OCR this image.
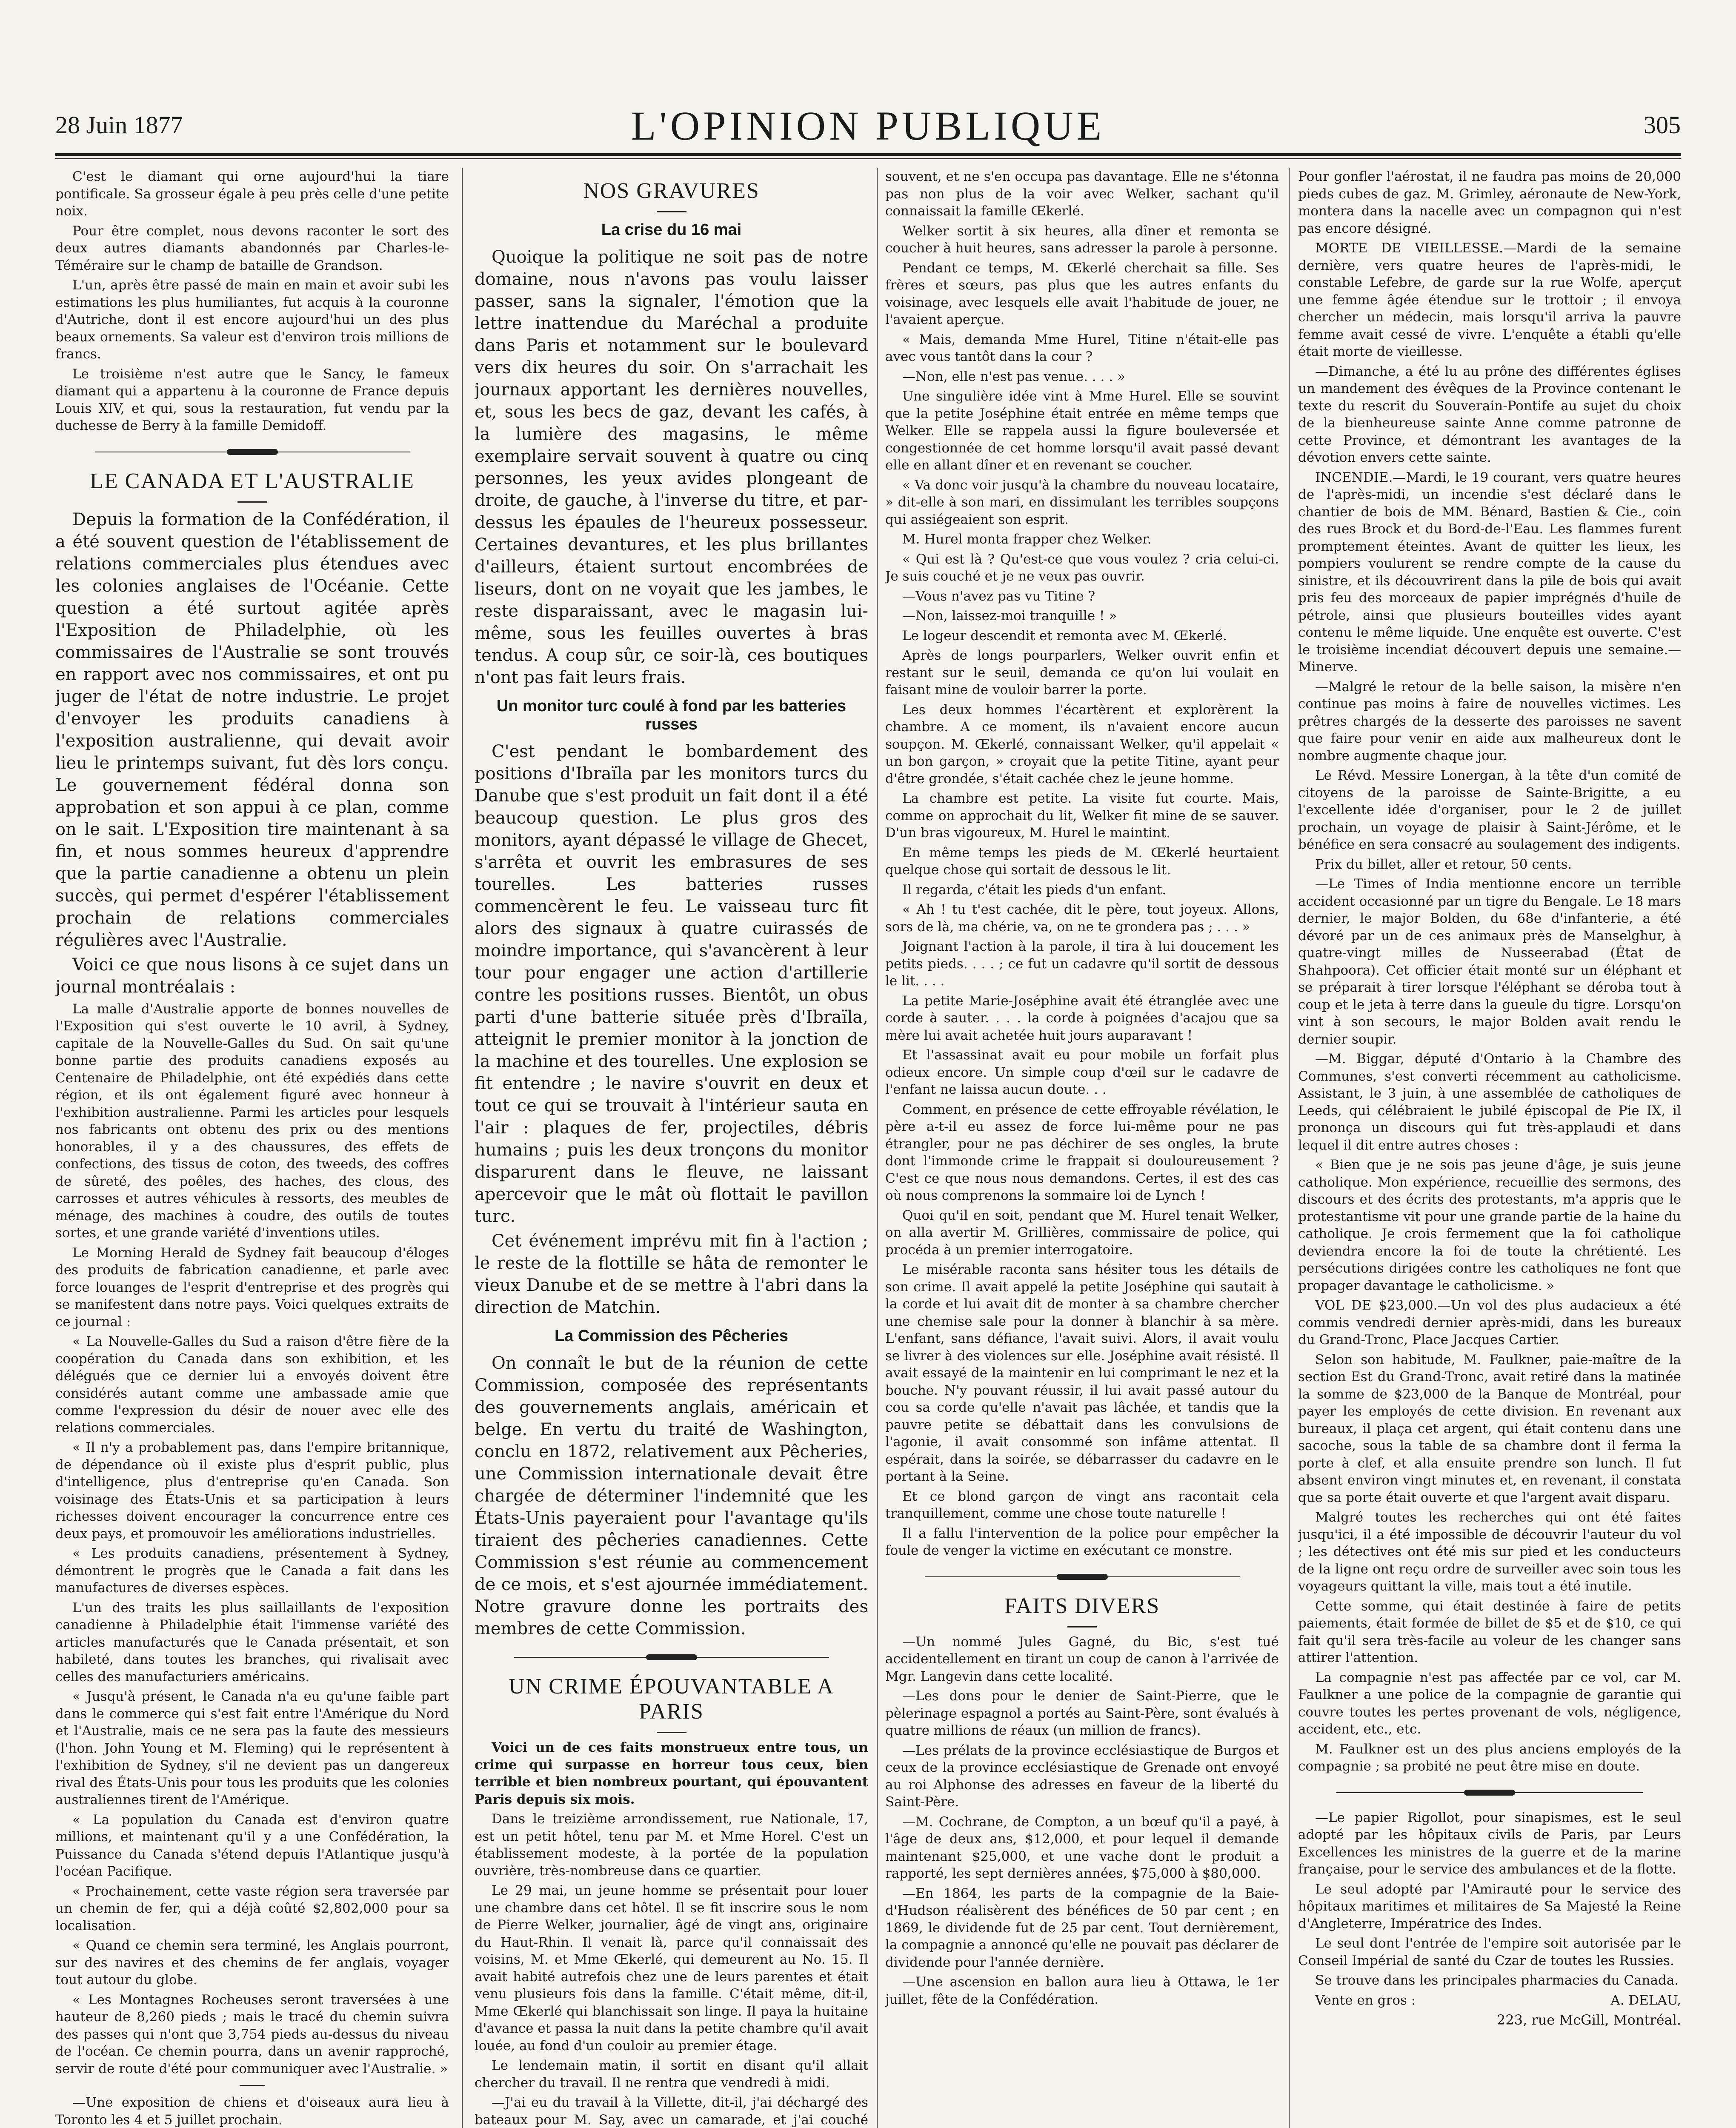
28 Juin 1877	L'OPINION PUBLIQUE	305

C'est le diamant qui orne aujourd'hui la tiare pontificale. Sa grosseur égale à peu près celle d'une petite noix.

Pour être complet, nous devons raconter le sort des deux autres diamants abandonnés par Charles-le-Téméraire sur le champ de bataille de Grandson.

L'un, après être passé de main en main et avoir subi les estimations les plus humiliantes, fut acquis à la couronne d'Autriche, dont il est encore aujourd'hui un des plus beaux ornements. Sa valeur est d'environ trois millions de francs.

Le troisième n'est autre que le Sancy, le fameux diamant qui a appartenu à la couronne de France depuis Louis XIV, et qui, sous la restauration, fut vendu par la duchesse de Berry à la famille Demidoff.

LE CANADA ET L'AUSTRALIE

Depuis la formation de la Confédération, il a été souvent question de l'établissement de relations commerciales plus étendues avec les colonies anglaises de l'Océanie. Cette question a été surtout agitée après l'Exposition de Philadelphie, où les commissaires de l'Australie se sont trouvés en rapport avec nos commissaires, et ont pu juger de l'état de notre industrie. Le projet d'envoyer les produits canadiens à l'exposition australienne, qui devait avoir lieu le printemps suivant, fut dès lors conçu. Le gouvernement fédéral donna son approbation et son appui à ce plan, comme on le sait. L'Exposition tire maintenant à sa fin, et nous sommes heureux d'apprendre que la partie canadienne a obtenu un plein succès, qui permet d'espérer l'établissement prochain de relations commerciales régulières avec l'Australie.

Voici ce que nous lisons à ce sujet dans un journal montréalais :

La malle d'Australie apporte de bonnes nouvelles de l'Exposition qui s'est ouverte le 10 avril, à Sydney, capitale de la Nouvelle-Galles du Sud. On sait qu'une bonne partie des produits canadiens exposés au Centenaire de Philadelphie, ont été expédiés dans cette région, et ils ont également figuré avec honneur à l'exhibition australienne. Parmi les articles pour lesquels nos fabricants ont obtenu des prix ou des mentions honorables, il y a des chaussures, des effets de confections, des tissus de coton, des tweeds, des coffres de sûreté, des poêles, des haches, des clous, des carrosses et autres véhicules à ressorts, des meubles de ménage, des machines à coudre, des outils de toutes sortes, et une grande variété d'inventions utiles.

Le Morning Herald de Sydney fait beaucoup d'éloges des produits de fabrication canadienne, et parle avec force louanges de l'esprit d'entreprise et des progrès qui se manifestent dans notre pays. Voici quelques extraits de ce journal :

« La Nouvelle-Galles du Sud a raison d'être fière de la coopération du Canada dans son exhibition, et les délégués que ce dernier lui a envoyés doivent être considérés autant comme une ambassade amie que comme l'expression du désir de nouer avec elle des relations commerciales.

« Il n'y a probablement pas, dans l'empire britannique, de dépendance où il existe plus d'esprit public, plus d'intelligence, plus d'entreprise qu'en Canada. Son voisinage des États-Unis et sa participation à leurs richesses doivent encourager la concurrence entre ces deux pays, et promouvoir les améliorations industrielles.

« Les produits canadiens, présentement à Sydney, démontrent le progrès que le Canada a fait dans les manufactures de diverses espèces.

L'un des traits les plus saillaillants de l'exposition canadienne à Philadelphie était l'immense variété des articles manufacturés que le Canada présentait, et son habileté, dans toutes les branches, qui rivalisait avec celles des manufacturiers américains.

« Jusqu'à présent, le Canada n'a eu qu'une faible part dans le commerce qui s'est fait entre l'Amérique du Nord et l'Australie, mais ce ne sera pas la faute des messieurs (l'hon. John Young et M. Fleming) qui le représentent à l'exhibition de Sydney, s'il ne devient pas un dangereux rival des États-Unis pour tous les produits que les colonies australiennes tirent de l'Amérique.

« La population du Canada est d'environ quatre millions, et maintenant qu'il y a une Confédération, la Puissance du Canada s'étend depuis l'Atlantique jusqu'à l'océan Pacifique.

« Prochainement, cette vaste région sera traversée par un chemin de fer, qui a déjà coûté $2,802,000 pour sa localisation.

« Quand ce chemin sera terminé, les Anglais pourront, sur des navires et des chemins de fer anglais, voyager tout autour du globe.

« Les Montagnes Rocheuses seront traversées à une hauteur de 8,260 pieds ; mais le tracé du chemin suivra des passes qui n'ont que 3,754 pieds au-dessus du niveau de l'océan. Ce chemin pourra, dans un avenir rapproché, servir de route d'été pour communiquer avec l'Australie. »

—Une exposition de chiens et d'oiseaux aura lieu à Toronto les 4 et 5 juillet prochain.

NOS GRAVURES
La crise du 16 mai

Quoique la politique ne soit pas de notre domaine, nous n'avons pas voulu laisser passer, sans la signaler, l'émotion que la lettre inattendue du Maréchal a produite dans Paris et notamment sur le boulevard vers dix heures du soir. On s'arrachait les journaux apportant les dernières nouvelles, et, sous les becs de gaz, devant les cafés, à la lumière des magasins, le même exemplaire servait souvent à quatre ou cinq personnes, les yeux avides plongeant de droite, de gauche, à l'inverse du titre, et par-dessus les épaules de l'heureux possesseur. Certaines devantures, et les plus brillantes d'ailleurs, étaient surtout encombrées de liseurs, dont on ne voyait que les jambes, le reste disparaissant, avec le magasin lui-même, sous les feuilles ouvertes à bras tendus. A coup sûr, ce soir-là, ces boutiques n'ont pas fait leurs frais.

Un monitor turc coulé à fond par les batteries russes

C'est pendant le bombardement des positions d'Ibraïla par les monitors turcs du Danube que s'est produit un fait dont il a été beaucoup question. Le plus gros des monitors, ayant dépassé le village de Ghecet, s'arrêta et ouvrit les embrasures de ses tourelles. Les batteries russes commencèrent le feu. Le vaisseau turc fit alors des signaux à quatre cuirassés de moindre importance, qui s'avancèrent à leur tour pour engager une action d'artillerie contre les positions russes. Bientôt, un obus parti d'une batterie située près d'Ibraïla, atteignit le premier monitor à la jonction de la machine et des tourelles. Une explosion se fit entendre ; le navire s'ouvrit en deux et tout ce qui se trouvait à l'intérieur sauta en l'air : plaques de fer, projectiles, débris humains ; puis les deux tronçons du monitor disparurent dans le fleuve, ne laissant apercevoir que le mât où flottait le pavillon turc.

Cet événement imprévu mit fin à l'action ; le reste de la flottille se hâta de remonter le vieux Danube et de se mettre à l'abri dans la direction de Matchin.

La Commission des Pêcheries

On connaît le but de la réunion de cette Commission, composée des représentants des gouvernements anglais, américain et belge. En vertu du traité de Washington, conclu en 1872, relativement aux Pêcheries, une Commission internationale devait être chargée de déterminer l'indemnité que les États-Unis payeraient pour l'avantage qu'ils tiraient des pêcheries canadiennes. Cette Commission s'est réunie au commencement de ce mois, et s'est ajournée immédiatement. Notre gravure donne les portraits des membres de cette Commission.

UN CRIME ÉPOUVANTABLE A PARIS

Voici un de ces faits monstrueux entre tous, un crime qui surpasse en horreur tous ceux, bien terrible et bien nombreux pourtant, qui épouvantent Paris depuis six mois.

Dans le treizième arrondissement, rue Nationale, 17, est un petit hôtel, tenu par M. et Mme Horel. C'est un établissement modeste, à la portée de la population ouvrière, très-nombreuse dans ce quartier.

Le 29 mai, un jeune homme se présentait pour louer une chambre dans cet hôtel. Il se fit inscrire sous le nom de Pierre Welker, journalier, âgé de vingt ans, originaire du Haut-Rhin. Il venait là, parce qu'il connaissait des voisins, M. et Mme Œkerlé, qui demeurent au No. 15. Il avait habité autrefois chez une de leurs parentes et était venu plusieurs fois dans la famille. C'était même, dit-il, Mme Œkerlé qui blanchissait son linge. Il paya la huitaine d'avance et passa la nuit dans la petite chambre qu'il avait louée, au fond d'un couloir au premier étage.

Le lendemain matin, il sortit en disant qu'il allait chercher du travail. Il ne rentra que vendredi à midi.

—J'ai eu du travail à la Villette, dit-il, j'ai déchargé des bateaux pour M. Say, avec un camarade, et j'ai couché

souvent, et ne s'en occupa pas davantage. Elle ne s'étonna pas non plus de la voir avec Welker, sachant qu'il connaissait la famille Œkerlé.

Welker sortit à six heures, alla dîner et remonta se coucher à huit heures, sans adresser la parole à personne.

Pendant ce temps, M. Œkerlé cherchait sa fille. Ses frères et sœurs, pas plus que les autres enfants du voisinage, avec lesquels elle avait l'habitude de jouer, ne l'avaient aperçue.

« Mais, demanda Mme Hurel, Titine n'était-elle pas avec vous tantôt dans la cour ?

—Non, elle n'est pas venue. . . . »

Une singulière idée vint à Mme Hurel. Elle se souvint que la petite Joséphine était entrée en même temps que Welker. Elle se rappela aussi la figure bouleversée et congestionnée de cet homme lorsqu'il avait passé devant elle en allant dîner et en revenant se coucher.

« Va donc voir jusqu'à la chambre du nouveau locataire, » dit-elle à son mari, en dissimulant les terribles soupçons qui assiégeaient son esprit.

M. Hurel monta frapper chez Welker.

« Qui est là ? Qu'est-ce que vous voulez ? cria celui-ci. Je suis couché et je ne veux pas ouvrir.

—Vous n'avez pas vu Titine ?

—Non, laissez-moi tranquille ! »

Le logeur descendit et remonta avec M. Œkerlé.

Après de longs pourparlers, Welker ouvrit enfin et restant sur le seuil, demanda ce qu'on lui voulait en faisant mine de vouloir barrer la porte.

Les deux hommes l'écartèrent et explorèrent la chambre. A ce moment, ils n'avaient encore aucun soupçon. M. Œkerlé, connaissant Welker, qu'il appelait « un bon garçon, » croyait que la petite Titine, ayant peur d'être grondée, s'était cachée chez le jeune homme.

La chambre est petite. La visite fut courte. Mais, comme on approchait du lit, Welker fit mine de se sauver. D'un bras vigoureux, M. Hurel le maintint.

En même temps les pieds de M. Œkerlé heurtaient quelque chose qui sortait de dessous le lit.

Il regarda, c'était les pieds d'un enfant.

« Ah ! tu t'est cachée, dit le père, tout joyeux. Allons, sors de là, ma chérie, va, on ne te grondera pas ; . . . »

Joignant l'action à la parole, il tira à lui doucement les petits pieds. . . . ; ce fut un cadavre qu'il sortit de dessous le lit. . . .

La petite Marie-Joséphine avait été étranglée avec une corde à sauter. . . . la corde à poignées d'acajou que sa mère lui avait achetée huit jours auparavant !

Et l'assassinat avait eu pour mobile un forfait plus odieux encore. Un simple coup d'œil sur le cadavre de l'enfant ne laissa aucun doute. . .

Comment, en présence de cette effroyable révélation, le père a-t-il eu assez de force lui-même pour ne pas étrangler, pour ne pas déchirer de ses ongles, la brute dont l'immonde crime le frappait si douloureusement ? C'est ce que nous nous demandons. Certes, il est des cas où nous comprenons la sommaire loi de Lynch !

Quoi qu'il en soit, pendant que M. Hurel tenait Welker, on alla avertir M. Grillières, commissaire de police, qui procéda à un premier interrogatoire.

Le misérable raconta sans hésiter tous les détails de son crime. Il avait appelé la petite Joséphine qui sautait à la corde et lui avait dit de monter à sa chambre chercher une chemise sale pour la donner à blanchir à sa mère. L'enfant, sans défiance, l'avait suivi. Alors, il avait voulu se livrer à des violences sur elle. Joséphine avait résisté. Il avait essayé de la maintenir en lui comprimant le nez et la bouche. N'y pouvant réussir, il lui avait passé autour du cou sa corde qu'elle n'avait pas lâchée, et tandis que la pauvre petite se débattait dans les convulsions de l'agonie, il avait consommé son infâme attentat. Il espérait, dans la soirée, se débarrasser du cadavre en le portant à la Seine.

Et ce blond garçon de vingt ans racontait cela tranquillement, comme une chose toute naturelle !

Il a fallu l'intervention de la police pour empêcher la foule de venger la victime en exécutant ce monstre.

FAITS DIVERS

—Un nommé Jules Gagné, du Bic, s'est tué accidentellement en tirant un coup de canon à l'arrivée de Mgr. Langevin dans cette localité.

—Les dons pour le denier de Saint-Pierre, que le pèlerinage espagnol a portés au Saint-Père, sont évalués à quatre millions de réaux (un million de francs).

—Les prélats de la province ecclésiastique de Burgos et ceux de la province ecclésiastique de Grenade ont envoyé au roi Alphonse des adresses en faveur de la liberté du Saint-Père.

—M. Cochrane, de Compton, a un bœuf qu'il a payé, à l'âge de deux ans, $12,000, et pour lequel il demande maintenant $25,000, et une vache dont le produit a rapporté, les sept dernières années, $75,000 à $80,000.

—En 1864, les parts de la compagnie de la Baie-d'Hudson réalisèrent des bénéfices de 50 par cent ; en 1869, le dividende fut de 25 par cent. Tout dernièrement, la compagnie a annoncé qu'elle ne pouvait pas déclarer de dividende pour l'année dernière.

—Une ascension en ballon aura lieu à Ottawa, le 1er juillet, fête de la Confédération.

Pour gonfler l'aérostat, il ne faudra pas moins de 20,000 pieds cubes de gaz. M. Grimley, aéronaute de New-York, montera dans la nacelle avec un compagnon qui n'est pas encore désigné.

MORTE DE VIEILLESSE.—Mardi de la semaine dernière, vers quatre heures de l'après-midi, le constable Lefebre, de garde sur la rue Wolfe, aperçut une femme âgée étendue sur le trottoir ; il envoya chercher un médecin, mais lorsqu'il arriva la pauvre femme avait cessé de vivre. L'enquête a établi qu'elle était morte de vieillesse.

—Dimanche, a été lu au prône des différentes églises un mandement des évêques de la Province contenant le texte du rescrit du Souverain-Pontife au sujet du choix de la bienheureuse sainte Anne comme patronne de cette Province, et démontrant les avantages de la dévotion envers cette sainte.

INCENDIE.—Mardi, le 19 courant, vers quatre heures de l'après-midi, un incendie s'est déclaré dans le chantier de bois de MM. Bénard, Bastien & Cie., coin des rues Brock et du Bord-de-l'Eau. Les flammes furent promptement éteintes. Avant de quitter les lieux, les pompiers voulurent se rendre compte de la cause du sinistre, et ils découvrirent dans la pile de bois qui avait pris feu des morceaux de papier imprégnés d'huile de pétrole, ainsi que plusieurs bouteilles vides ayant contenu le même liquide. Une enquête est ouverte. C'est le troisième incendiat découvert depuis une semaine.—Minerve.

—Malgré le retour de la belle saison, la misère n'en continue pas moins à faire de nouvelles victimes. Les prêtres chargés de la desserte des paroisses ne savent que faire pour venir en aide aux malheureux dont le nombre augmente chaque jour.

Le Révd. Messire Lonergan, à la tête d'un comité de citoyens de la paroisse de Sainte-Brigitte, a eu l'excellente idée d'organiser, pour le 2 de juillet prochain, un voyage de plaisir à Saint-Jérôme, et le bénéfice en sera consacré au soulagement des indigents.

Prix du billet, aller et retour, 50 cents.

—Le Times of India mentionne encore un terrible accident occasionné par un tigre du Bengale. Le 18 mars dernier, le major Bolden, du 68e d'infanterie, a été dévoré par un de ces animaux près de Manselghur, à quatre-vingt milles de Nusseerabad (État de Shahpoora). Cet officier était monté sur un éléphant et se préparait à tirer lorsque l'éléphant se déroba tout à coup et le jeta à terre dans la gueule du tigre. Lorsqu'on vint à son secours, le major Bolden avait rendu le dernier soupir.

—M. Biggar, député d'Ontario à la Chambre des Communes, s'est converti récemment au catholicisme. Assistant, le 3 juin, à une assemblée de catholiques de Leeds, qui célébraient le jubilé épiscopal de Pie IX, il prononça un discours qui fut très-applaudi et dans lequel il dit entre autres choses :

« Bien que je ne sois pas jeune d'âge, je suis jeune catholique. Mon expérience, recueillie des sermons, des discours et des écrits des protestants, m'a appris que le protestantisme vit pour une grande partie de la haine du catholique. Je crois fermement que la foi catholique deviendra encore la foi de toute la chrétienté. Les persécutions dirigées contre les catholiques ne font que propager davantage le catholicisme. »

VOL DE $23,000.—Un vol des plus audacieux a été commis vendredi dernier après-midi, dans les bureaux du Grand-Tronc, Place Jacques Cartier.

Selon son habitude, M. Faulkner, paie-maître de la section Est du Grand-Tronc, avait retiré dans la matinée la somme de $23,000 de la Banque de Montréal, pour payer les employés de cette division. En revenant aux bureaux, il plaça cet argent, qui était contenu dans une sacoche, sous la table de sa chambre dont il ferma la porte à clef, et alla ensuite prendre son lunch. Il fut absent environ vingt minutes et, en revenant, il constata que sa porte était ouverte et que l'argent avait disparu.

Malgré toutes les recherches qui ont été faites jusqu'ici, il a été impossible de découvrir l'auteur du vol ; les détectives ont été mis sur pied et les conducteurs de la ligne ont reçu ordre de surveiller avec soin tous les voyageurs quittant la ville, mais tout a été inutile.

Cette somme, qui était destinée à faire de petits paiements, était formée de billet de $5 et de $10, ce qui fait qu'il sera très-facile au voleur de les changer sans attirer l'attention.

La compagnie n'est pas affectée par ce vol, car M. Faulkner a une police de la compagnie de garantie qui couvre toutes les pertes provenant de vols, négligence, accident, etc., etc.

M. Faulkner est un des plus anciens employés de la compagnie ; sa probité ne peut être mise en doute.

—Le papier Rigollot, pour sinapismes, est le seul adopté par les hôpitaux civils de Paris, par Leurs Excellences les ministres de la guerre et de la marine française, pour le service des ambulances et de la flotte.

Le seul adopté par l'Amirauté pour le service des hôpitaux maritimes et militaires de Sa Majesté la Reine d'Angleterre, Impératrice des Indes.

Le seul dont l'entrée de l'empire soit autorisée par le Conseil Impérial de santé du Czar de toutes les Russies.

Se trouve dans les principales pharmacies du Canada.

Vente en gros :	A. DELAU,

223, rue McGill, Montréal.
